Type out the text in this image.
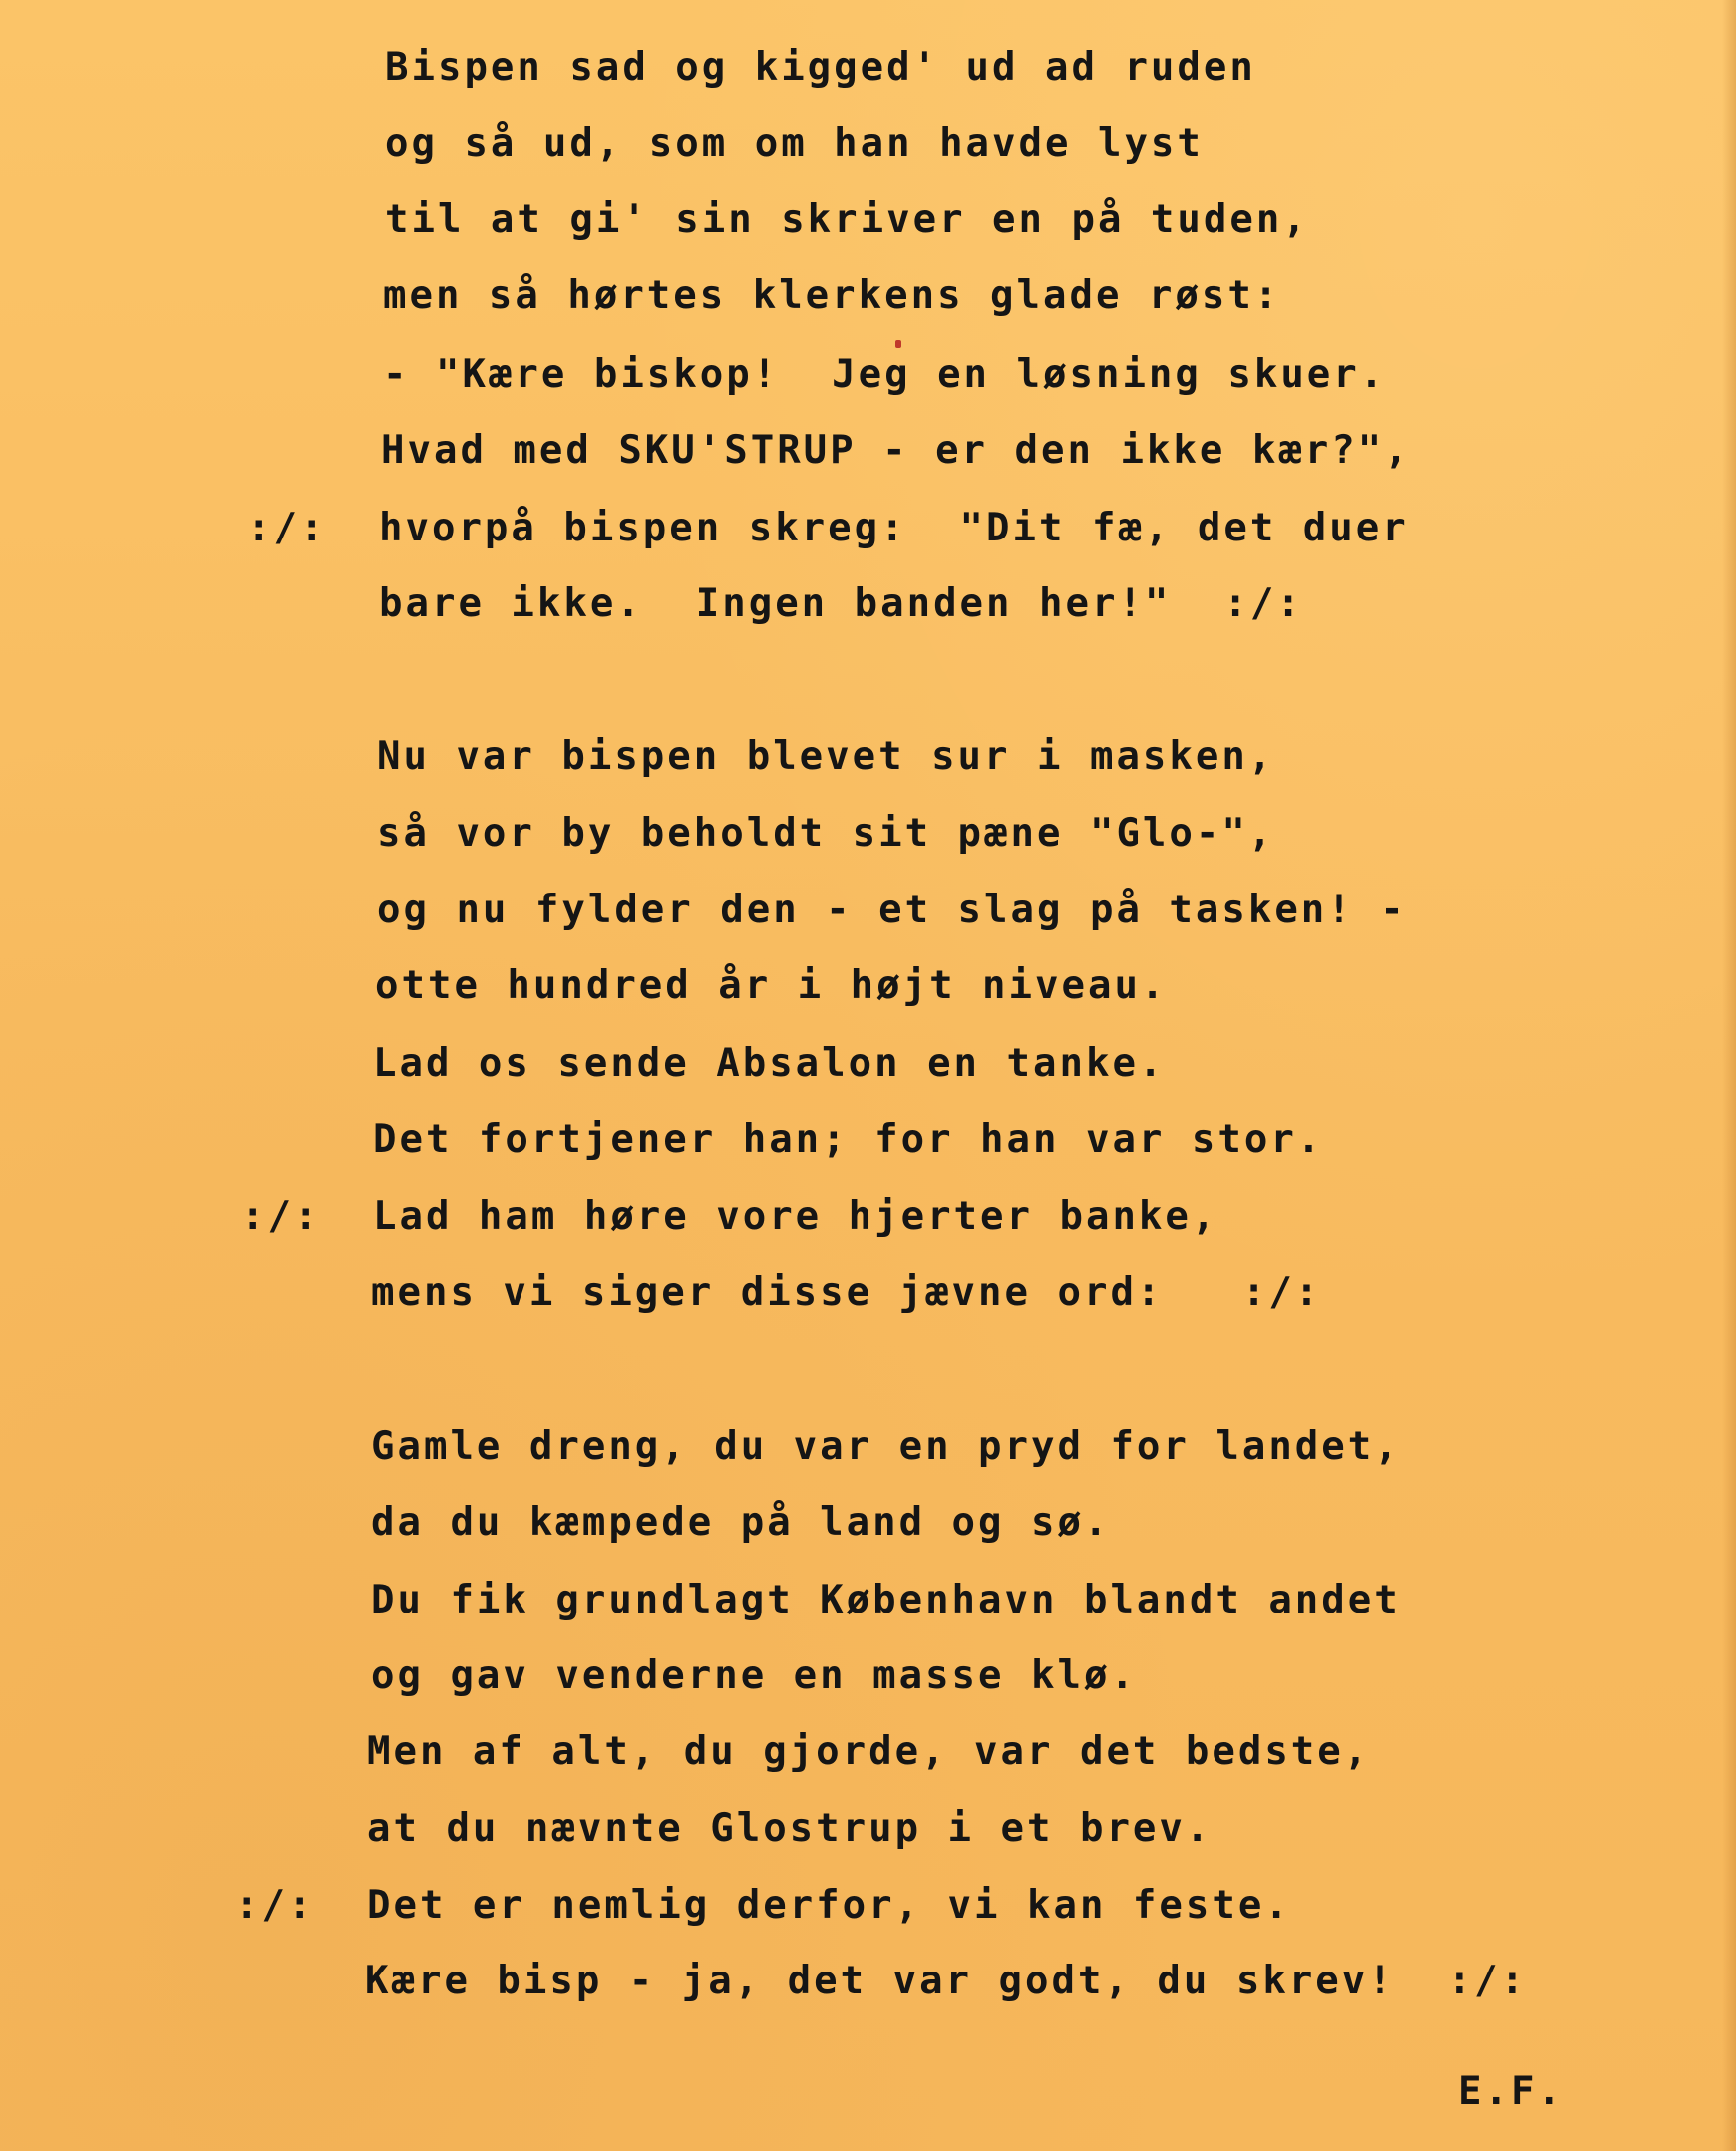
Bispen sad og kigged' ud ad ruden
og så ud, som om han havde lyst
til at gi' sin skriver en på tuden,
men så hørtes klerkens glade røst:
- "Kære biskop!  Jeg en løsning skuer.
Hvad med SKU'STRUP - er den ikke kær?",
:/: hvorpå bispen skreg:  "Dit fæ, det duer
bare ikke.  Ingen banden her!"  :/:
Nu var bispen blevet sur i masken,
så vor by beholdt sit pæne "Glo-",
og nu fylder den - et slag på tasken! -
otte hundred år i højt niveau.
Lad os sende Absalon en tanke.
Det fortjener han; for han var stor.
:/: Lad ham høre vore hjerter banke,
mens vi siger disse jævne ord:   :/:
Gamle dreng, du var en pryd for landet,
da du kæmpede på land og sø.
Du fik grundlagt København blandt andet
og gav venderne en masse klø.
Men af alt, du gjorde, var det bedste,
at du nævnte Glostrup i et brev.
:/: Det er nemlig derfor, vi kan feste.
Kære bisp - ja, det var godt, du skrev!  :/:
E.F.
